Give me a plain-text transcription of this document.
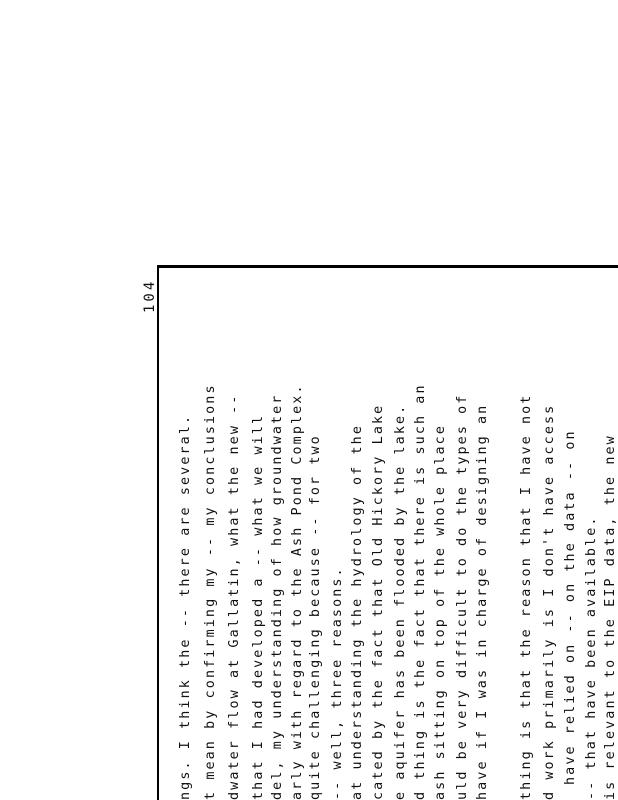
104
ngs. I think the -- there are several. t mean by confirming my -- my conclusions dwater flow at Gallatin, what the new -- that I had developed a -- what we will del, my understanding of how groundwater arly with regard to the Ash Pond Complex. quite challenging because -- for two -- well, three reasons. at understanding the hydrology of the cated by the fact that Old Hickory Lake e aquifer has been flooded by the lake. d thing is the fact that there is such an ash sitting on top of the whole place uld be very difficult to do the types of have if I was in charge of designing an thing is that the reason that I have not d work primarily is I don't have access have relied on -- on the data -- on -- that have been available. is relevant to the EIP data, the new
